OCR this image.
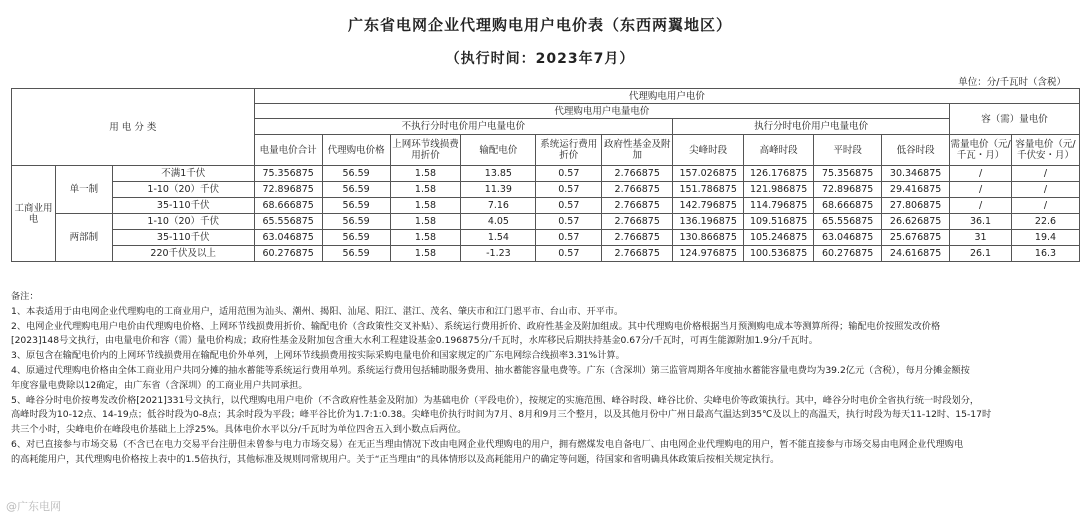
广东省电网企业代理购电用户电价表（东西两翼地区）
（执行时间：2023年7月）
单位：分/千瓦时（含税）
用 电 分 类			代理购电用户电价											
			代理购电用户电量电价										容（需）量电价	
			不执行分时电价用户电量电价						执行分时电价用户电量电价					
			电量电价合计	代理购电价格	上网环节线损费用折价	输配电价	系统运行费用折价	政府性基金及附加	尖峰时段	高峰时段	平时段	低谷时段	需量电价（元/千瓦・月）	容量电价（元/千伏安・月）
工商业用电	单一制	不满1千伏	75.356875	56.59	1.58	13.85	0.57	2.766875	157.026875	126.176875	75.356875	30.346875	/	/
		1-10（20）千伏	72.896875	56.59	1.58	11.39	0.57	2.766875	151.786875	121.986875	72.896875	29.416875	/	/
		35-110千伏	68.666875	56.59	1.58	7.16	0.57	2.766875	142.796875	114.796875	68.666875	27.806875	/	/
	两部制	1-10（20）千伏	65.556875	56.59	1.58	4.05	0.57	2.766875	136.196875	109.516875	65.556875	26.626875	36.1	22.6
		35-110千伏	63.046875	56.59	1.58	1.54	0.57	2.766875	130.866875	105.246875	63.046875	25.676875	31	19.4
		220千伏及以上	60.276875	56.59	1.58	-1.23	0.57	2.766875	124.976875	100.536875	60.276875	24.616875	26.1	16.3

备注：

1、本表适用于由电网企业代理购电的工商业用户，适用范围为汕头、潮州、揭阳、汕尾、阳江、湛江、茂名、肇庆市和江门恩平市、台山市、开平市。

2、电网企业代理购电用户电价由代理购电价格、上网环节线损费用折价、输配电价（含政策性交叉补贴）、系统运行费用折价、政府性基金及附加组成。其中代理购电价格根据当月预测购电成本等测算所得；输配电价按照发改价格

[2023]148号文执行，由电量电价和容（需）量电价构成；政府性基金及附加包含重大水利工程建设基金0.196875分/千瓦时，水库移民后期扶持基金0.67分/千瓦时，可再生能源附加1.9分/千瓦时。

3、原包含在输配电价内的上网环节线损费用在输配电价外单列，上网环节线损费用按实际采购电量电价和国家规定的广东电网综合线损率3.31%计算。

4、原通过代理购电价格由全体工商业用户共同分摊的抽水蓄能等系统运行费用单列。系统运行费用包括辅助服务费用、抽水蓄能容量电费等。广东（含深圳）第三监管周期各年度抽水蓄能容量电费均为39.2亿元（含税），每月分摊金额按

年度容量电费除以12确定，由广东省（含深圳）的工商业用户共同承担。

5、峰谷分时电价按粤发改价格[2021]331号文执行，以代理购电用户电价（不含政府性基金及附加）为基础电价（平段电价），按规定的实施范围、峰谷时段、峰谷比价、尖峰电价等政策执行。其中，峰谷分时电价全省执行统一时段划分，

高峰时段为10-12点、14-19点；低谷时段为0-8点；其余时段为平段；峰平谷比价为1.7:1:0.38。尖峰电价执行时间为7月、8月和9月三个整月，以及其他月份中广州日最高气温达到35℃及以上的高温天，执行时段为每天11-12时、15-17时

共三个小时，尖峰电价在峰段电价基础上上浮25%。具体电价水平以分/千瓦时为单位四舍五入到小数点后两位。

6、对已直接参与市场交易（不含已在电力交易平台注册但未曾参与电力市场交易）在无正当理由情况下改由电网企业代理购电的用户，拥有燃煤发电自备电厂、由电网企业代理购电的用户，暂不能直接参与市场交易由电网企业代理购电

的高耗能用户，其代理购电价格按上表中的1.5倍执行，其他标准及规则同常规用户。关于“正当理由”的具体情形以及高耗能用户的确定等问题，待国家和省明确具体政策后按相关规定执行。

@广东电网
